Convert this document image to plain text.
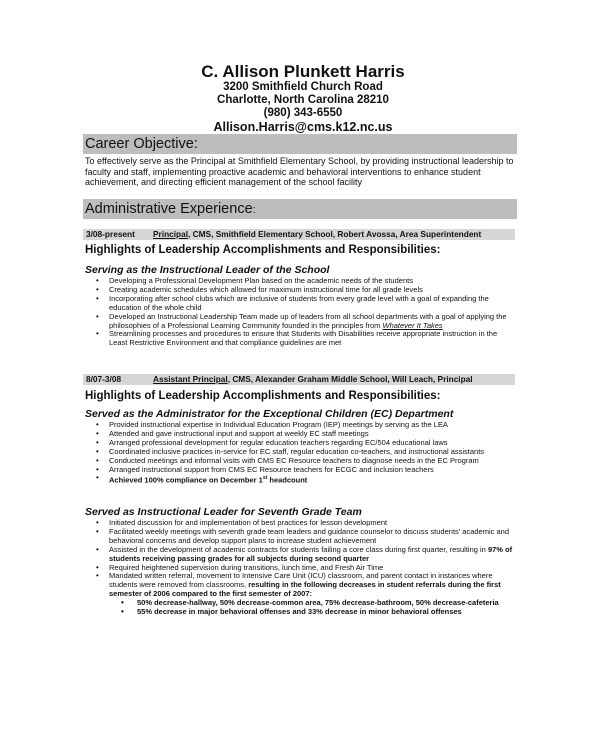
C. Allison Plunkett Harris
3200 Smithfield Church Road
Charlotte, North Carolina 28210
(980) 343-6550
Allison.Harris@cms.k12.nc.us
Career Objective:
To effectively serve as the Principal at Smithfield Elementary School, by providing instructional leadership to faculty and staff, implementing proactive academic and behavioral interventions to enhance student achievement, and directing efficient management of the school facility
Administrative Experience:
3/08-present Principal, CMS, Smithfield Elementary School, Robert Avossa, Area Superintendent
Highlights of Leadership Accomplishments and Responsibilities:
Serving as the Instructional Leader of the School
• Developing a Professional Development Plan based on the academic needs of the students
• Creating academic schedules which allowed for maximum instructional time for all grade levels
• Incorporating after school clubs which are inclusive of students from every grade level with a goal of expanding the education of the whole child
• Developed an Instructional Leadership Team made up of leaders from all school departments with a goal of applying the philosophies of a Professional Learning Community founded in the principles from Whatever It Takes
• Streamlining processes and procedures to ensure that Students with Disabilities receive appropriate instruction in the Least Restrictive Environment and that compliance guidelines are met
8/07-3/08	Assistant Principal, CMS, Alexander Graham Middle School, Will Leach, Principal
Highlights of Leadership Accomplishments and Responsibilities:
Served as the Administrator for the Exceptional Children (EC) Department
• Provided instructional expertise in Individual Education Program (IEP) meetings by serving as the LEA
• Attended and gave instructional input and support at weekly EC staff meetings
• Arranged professional development for regular education teachers regarding EC/504 educational laws
• Coordinated inclusive practices in-service for EC staff, regular education co-teachers, and instructional assistants
• Conducted meetings and informal visits with CMS EC Resource teachers to diagnose needs in the EC Program
• Arranged instructional support from CMS EC Resource teachers for ECGC and inclusion teachers
• Achieved 100% compliance on December 1st headcount
Served as Instructional Leader for Seventh Grade Team
• Initiated discussion for and implementation of best practices for lesson development
• Facilitated weekly meetings with seventh grade team leaders and guidance counselor to discuss students' academic and behavioral concerns and develop support plans to increase student achievement
• Assisted in the development of academic contracts for students failing a core class during first quarter, resulting in 97% of students receiving passing grades for all subjects during second quarter
• Required heightened supervision during transitions, lunch time, and Fresh Air Time
• Mandated written referral, movement to Intensive Care Unit (ICU) classroom, and parent contact in instances where students were removed from classrooms, resulting in the following decreases in student referrals during the first semester of 2006 compared to the first semester of 2007:
• 50% decrease-hallway, 50% decrease-common area, 75% decrease-bathroom, 50% decrease-cafeteria
• 55% decrease in major behavioral offenses and 33% decrease in minor behavioral offenses
